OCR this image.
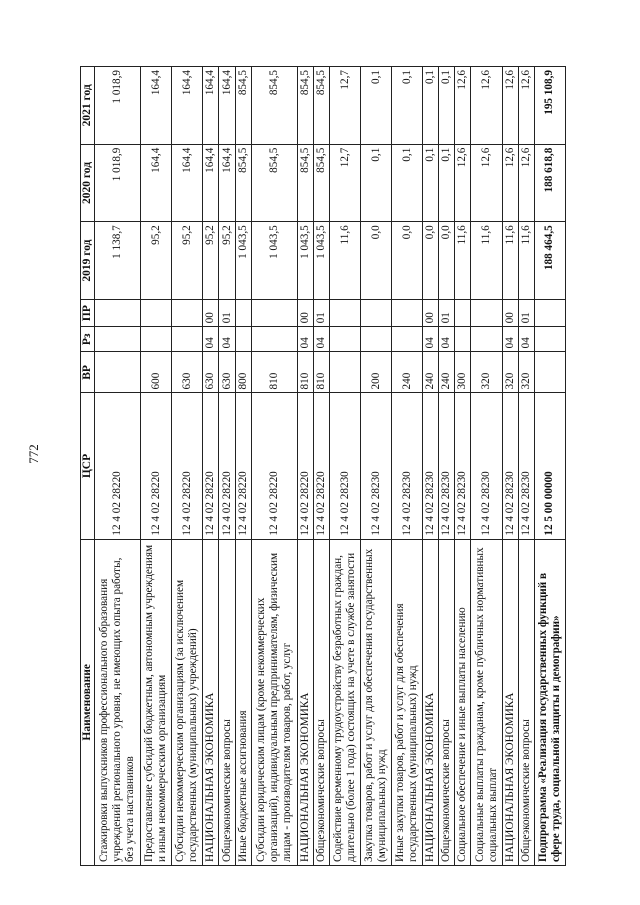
772
Наименование	ЦСР	ВР	Рз	ПР	2019 год	2020 год	2021 год
Стажировки выпускников профессионального образования учреждений регионального уровня, не имеющих опыта работы, без учета наставников	12 4 02 28220				1 138,7	1 018,9	1 018,9
Предоставление субсидий бюджетным, автономным учреждениям и иным некоммерческим организациям	12 4 02 28220	600			95,2	164,4	164,4
Субсидии некоммерческим организациям (за исключением государственных (муниципальных) учреждений)	12 4 02 28220	630			95,2	164,4	164,4
НАЦИОНАЛЬНАЯ ЭКОНОМИКА	12 4 02 28220	630	04	00	95,2	164,4	164,4
Общеэкономические вопросы	12 4 02 28220	630	04	01	95,2	164,4	164,4
Иные бюджетные ассигнования	12 4 02 28220	800			1 043,5	854,5	854,5
Субсидии юридическим лицам (кроме некоммерческих организаций), индивидуальным предпринимателям, физическим лицам - производителям товаров, работ, услуг	12 4 02 28220	810			1 043,5	854,5	854,5
НАЦИОНАЛЬНАЯ ЭКОНОМИКА	12 4 02 28220	810	04	00	1 043,5	854,5	854,5
Общеэкономические вопросы	12 4 02 28220	810	04	01	1 043,5	854,5	854,5
Содействие временному трудоустройству безработных граждан, длительно (более 1 года) состоящих на учете в службе занятости	12 4 02 28230				11,6	12,7	12,7
Закупка товаров, работ и услуг для обеспечения государственных (муниципальных) нужд	12 4 02 28230	200			0,0	0,1	0,1
Иные закупки товаров, работ и услуг для обеспечения государственных (муниципальных) нужд	12 4 02 28230	240			0,0	0,1	0,1
НАЦИОНАЛЬНАЯ ЭКОНОМИКА	12 4 02 28230	240	04	00	0,0	0,1	0,1
Общеэкономические вопросы	12 4 02 28230	240	04	01	0,0	0,1	0,1
Социальное обеспечение и иные выплаты населению	12 4 02 28230	300			11,6	12,6	12,6
Социальные выплаты гражданам, кроме публичных нормативных социальных выплат	12 4 02 28230	320			11,6	12,6	12,6
НАЦИОНАЛЬНАЯ ЭКОНОМИКА	12 4 02 28230	320	04	00	11,6	12,6	12,6
Общеэкономические вопросы	12 4 02 28230	320	04	01	11,6	12,6	12,6
Подпрограмма «Реализация государственных функций в сфере труда, социальной защиты и демографии»	12 5 00 00000				188 464,5	188 618,8	195 108,9
